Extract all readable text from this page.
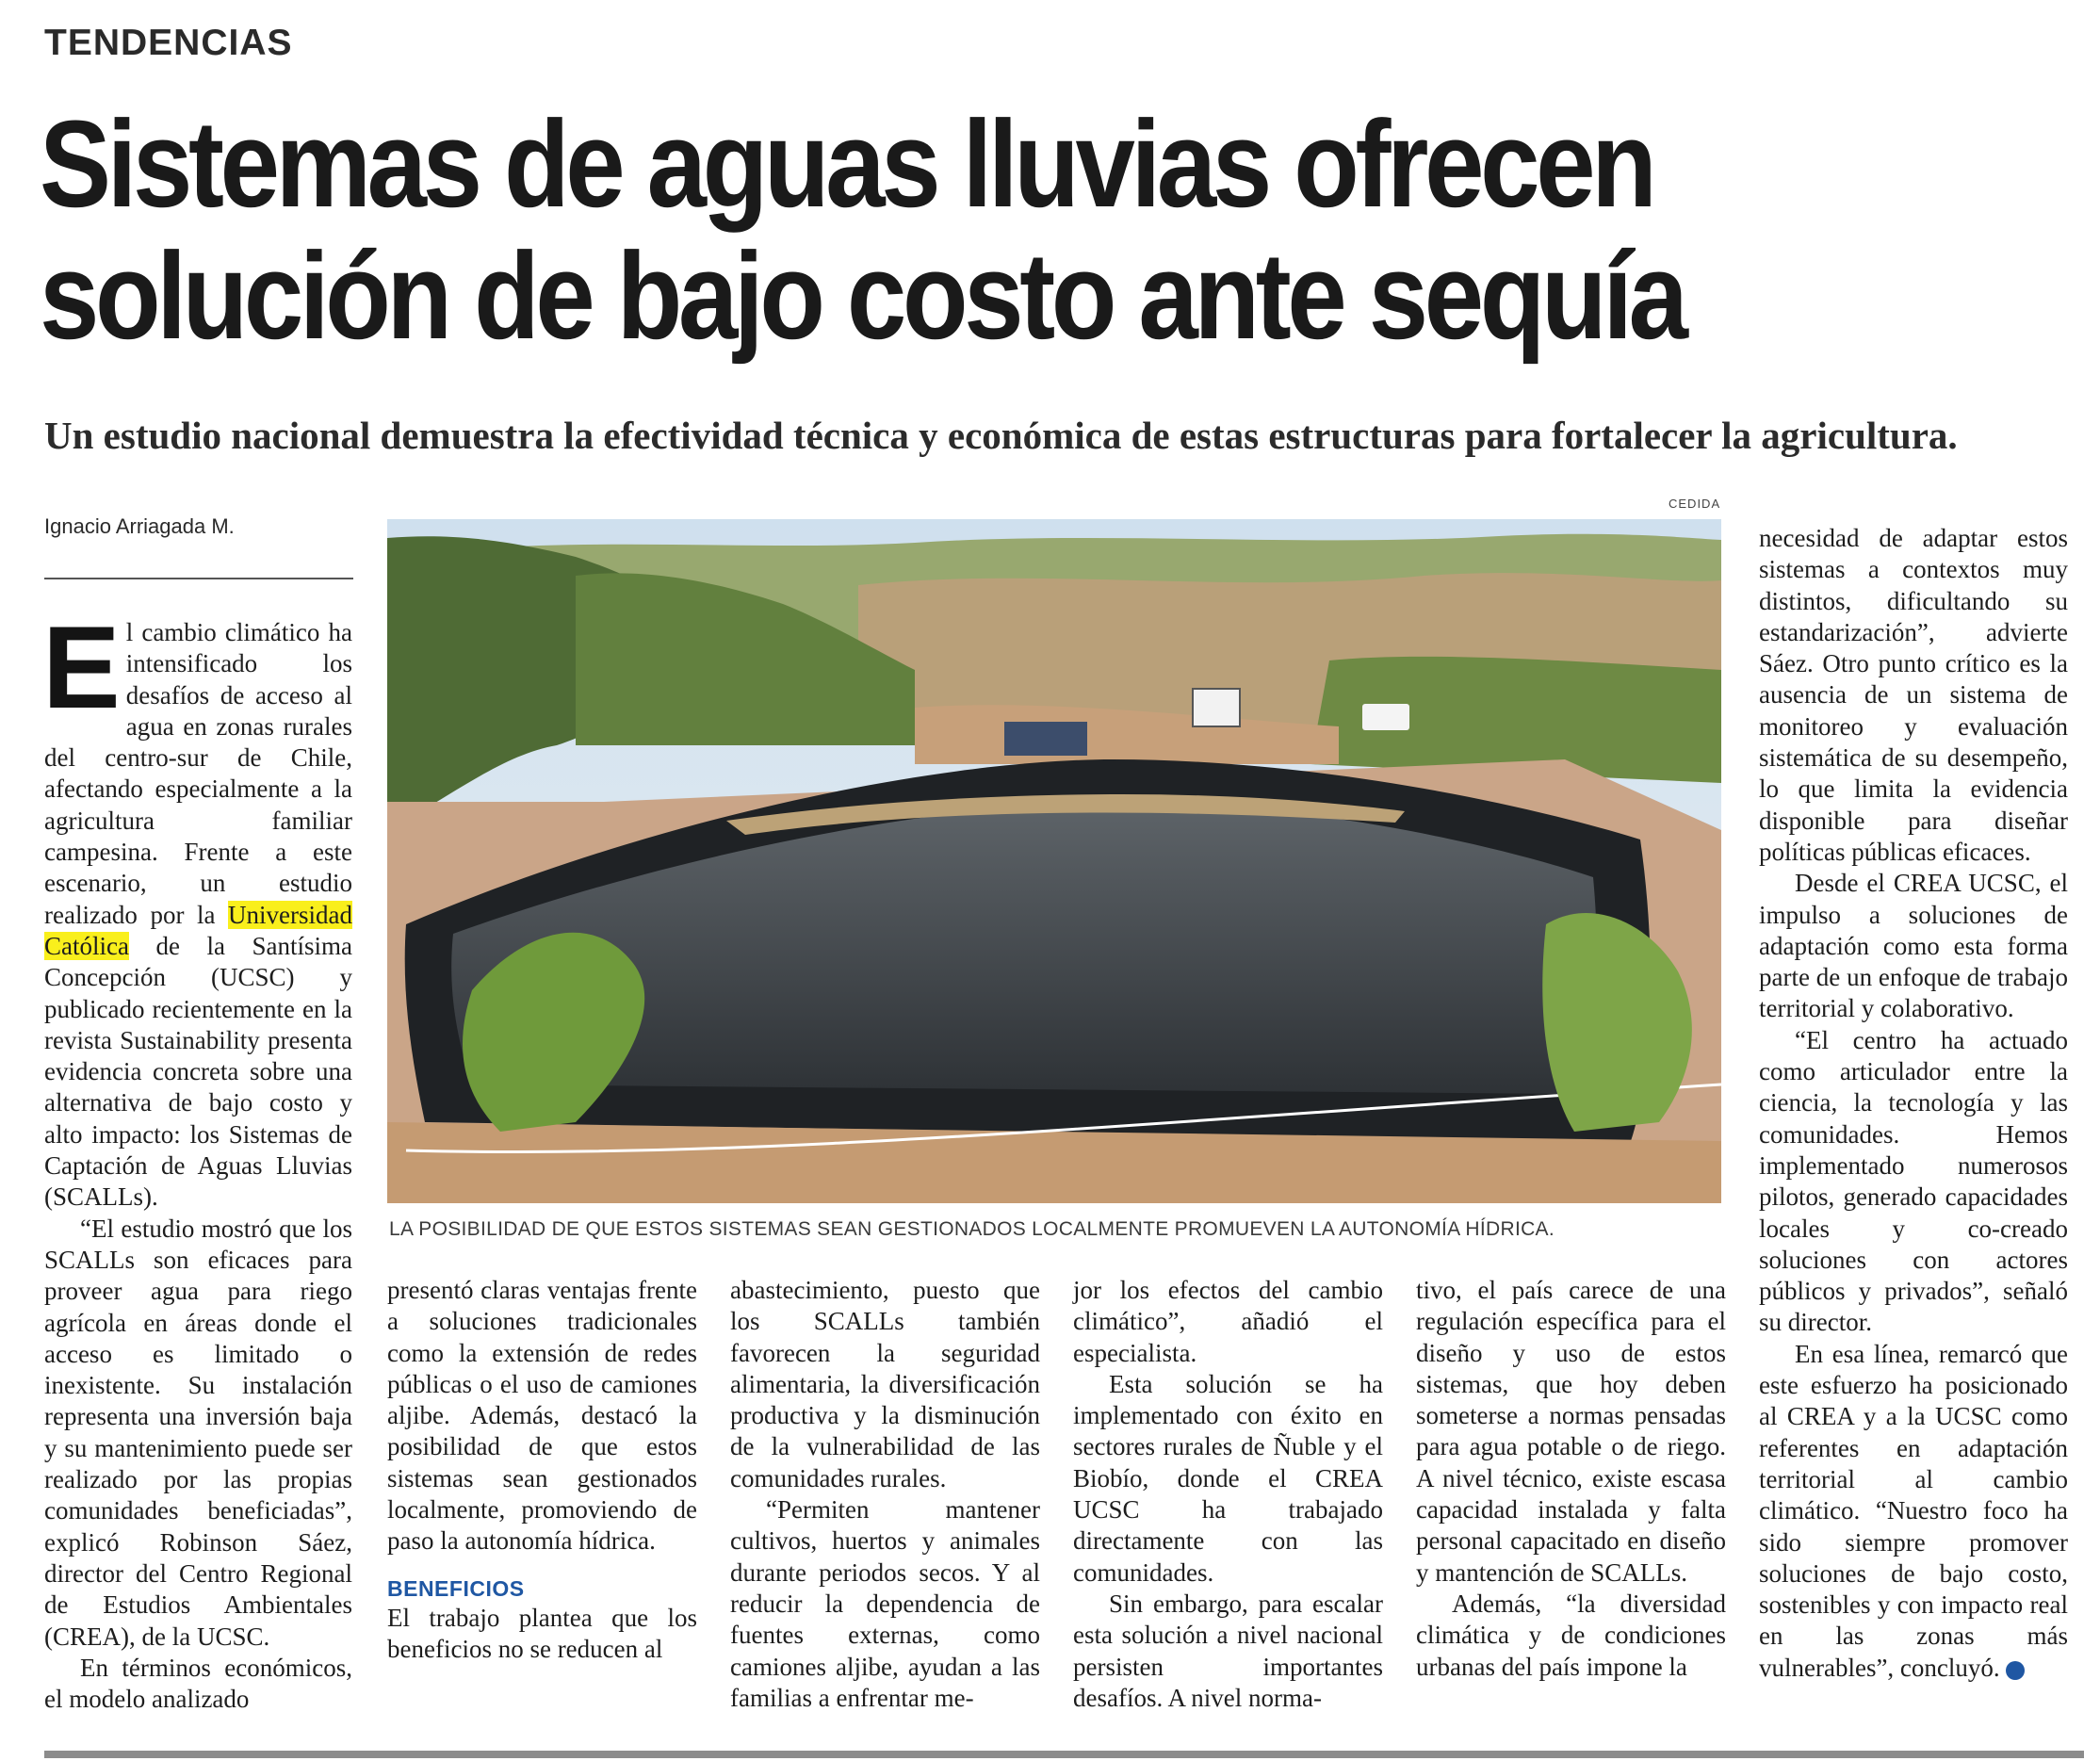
TENDENCIAS
Sistemas de aguas lluvias ofrecen
solución de bajo costo ante sequía
Un estudio nacional demuestra la efectividad técnica y económica de estas estructuras para fortalecer la agricultura.
Ignacio Arriagada M.
CEDIDA
LA POSIBILIDAD DE QUE ESTOS SISTEMAS SEAN GESTIONADOS LOCALMENTE PROMUEVEN LA AUTONOMÍA HÍDRICA.
E l cambio climático ha intensificado los desafíos de acceso al agua en zonas rurales del centro-sur de Chile, afectando especialmente a la agricultura familiar campesina. Frente a este escenario, un estudio realizado por la Universidad Católica de la Santísima Concepción (UCSC) y publicado recientemente en la revista Sustainability presenta evidencia concreta sobre una alternativa de bajo costo y alto impacto: los Sistemas de Captación de Aguas Lluvias (SCALLs).
“El estudio mostró que los SCALLs son eficaces para proveer agua para riego agrícola en áreas donde el acceso es limitado o inexistente. Su instalación representa una inversión baja y su mantenimiento puede ser realizado por las propias comunidades beneficiadas”, explicó Robinson Sáez, director del Centro Regional de Estudios Ambientales (CREA), de la UCSC.
En términos económicos, el modelo analizado
presentó claras ventajas frente a soluciones tradicionales como la extensión de redes públicas o el uso de camiones aljibe. Además, destacó la posibilidad de que estos sistemas sean gestionados localmente, promoviendo de paso la autonomía hídrica.
BENEFICIOS
El trabajo plantea que los beneficios no se reducen al
abastecimiento, puesto que los SCALLs también favorecen la seguridad alimentaria, la diversificación productiva y la disminución de la vulnerabilidad de las comunidades rurales.
“Permiten mantener cultivos, huertos y animales durante periodos secos. Y al reducir la dependencia de fuentes externas, como camiones aljibe, ayudan a las familias a enfrentar me-
jor los efectos del cambio climático”, añadió el especialista.
Esta solución se ha implementado con éxito en sectores rurales de Ñuble y el Biobío, donde el CREA UCSC ha trabajado directamente con las comunidades.
Sin embargo, para escalar esta solución a nivel nacional persisten importantes desafíos. A nivel norma-
tivo, el país carece de una regulación específica para el diseño y uso de estos sistemas, que hoy deben someterse a normas pensadas para agua potable o de riego. A nivel técnico, existe escasa capacidad instalada y falta personal capacitado en diseño y mantención de SCALLs.
Además, “la diversidad climática y de condiciones urbanas del país impone la
necesidad de adaptar estos sistemas a contextos muy distintos, dificultando su estandarización”, advierte Sáez. Otro punto crítico es la ausencia de un sistema de monitoreo y evaluación sistemática de su desempeño, lo que limita la evidencia disponible para diseñar políticas públicas eficaces.
Desde el CREA UCSC, el impulso a soluciones de adaptación como esta forma parte de un enfoque de trabajo territorial y colaborativo.
“El centro ha actuado como articulador entre la ciencia, la tecnología y las comunidades. Hemos implementado numerosos pilotos, generado capacidades locales y co-creado soluciones con actores públicos y privados”, señaló su director.
En esa línea, remarcó que este esfuerzo ha posicionado al CREA y a la UCSC como referentes en adaptación territorial al cambio climático. “Nuestro foco ha sido siempre promover soluciones de bajo costo, sostenibles y con impacto real en las zonas más vulnerables”, concluyó.	+
